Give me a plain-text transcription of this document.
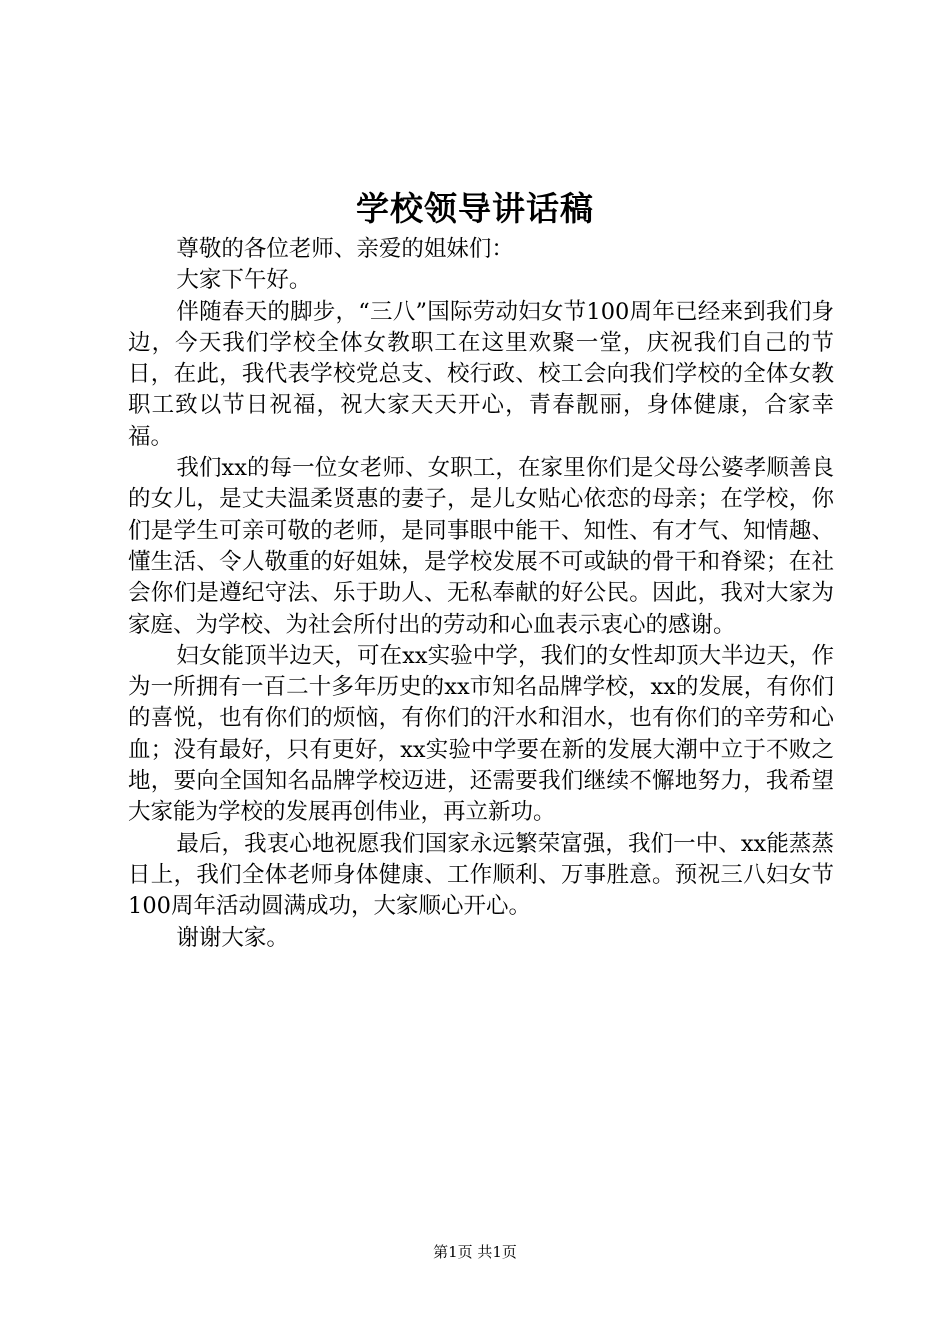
学校领导讲话稿

尊敬的各位老师、亲爱的姐妹们：

大家下午好。

伴随春天的脚步，“三八”国际劳动妇女节100周年已经来到我们身边，今天我们学校全体女教职工在这里欢聚一堂，庆祝我们自己的节日，在此，我代表学校党总支、校行政、校工会向我们学校的全体女教职工致以节日祝福，祝大家天天开心，青春靓丽，身体健康，合家幸福。

我们xx的每一位女老师、女职工，在家里你们是父母公婆孝顺善良的女儿，是丈夫温柔贤惠的妻子，是儿女贴心依恋的母亲；在学校，你们是学生可亲可敬的老师，是同事眼中能干、知性、有才气、知情趣、懂生活、令人敬重的好姐妹，是学校发展不可或缺的骨干和脊梁；在社会你们是遵纪守法、乐于助人、无私奉献的好公民。因此，我对大家为家庭、为学校、为社会所付出的劳动和心血表示衷心的感谢。

妇女能顶半边天，可在xx实验中学，我们的女性却顶大半边天，作为一所拥有一百二十多年历史的xx市知名品牌学校，xx的发展，有你们的喜悦，也有你们的烦恼，有你们的汗水和泪水，也有你们的辛劳和心血；没有最好，只有更好，xx实验中学要在新的发展大潮中立于不败之地，要向全国知名品牌学校迈进，还需要我们继续不懈地努力，我希望大家能为学校的发展再创伟业，再立新功。

最后，我衷心地祝愿我们国家永远繁荣富强，我们一中、xx能蒸蒸日上，我们全体老师身体健康、工作顺利、万事胜意。预祝三八妇女节100周年活动圆满成功，大家顺心开心。

谢谢大家。

第1页 共1页
